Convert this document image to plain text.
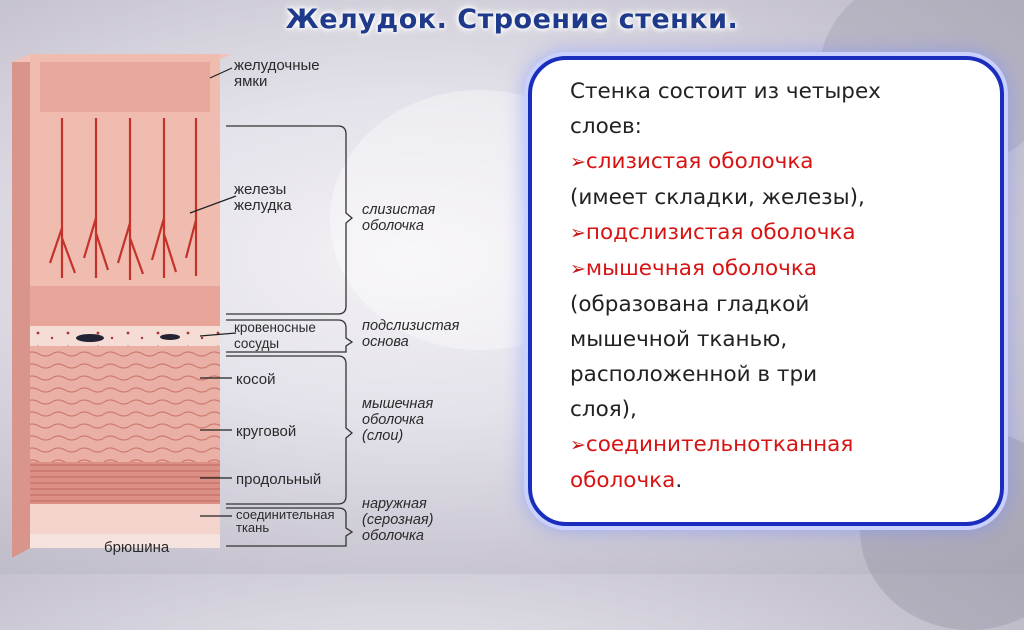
Желудок. Строение стенки.
желудочные
ямки
железы
желудка
кровеносные
сосуды
косой
круговой
продольный
соединительная
ткань
брюшина
слизистая
оболочка
подслизистая
основа
мышечная
оболочка
(слои)
наружная
(серозная)
оболочка
Стенка состоит из четырех
слоев:
➢слизистая оболочка
(имеет складки, железы),
➢подслизистая оболочка
➢мышечная оболочка
(образована гладкой
мышечной тканью,
расположенной в три
слоя),
➢соединительнотканная
оболочка.
